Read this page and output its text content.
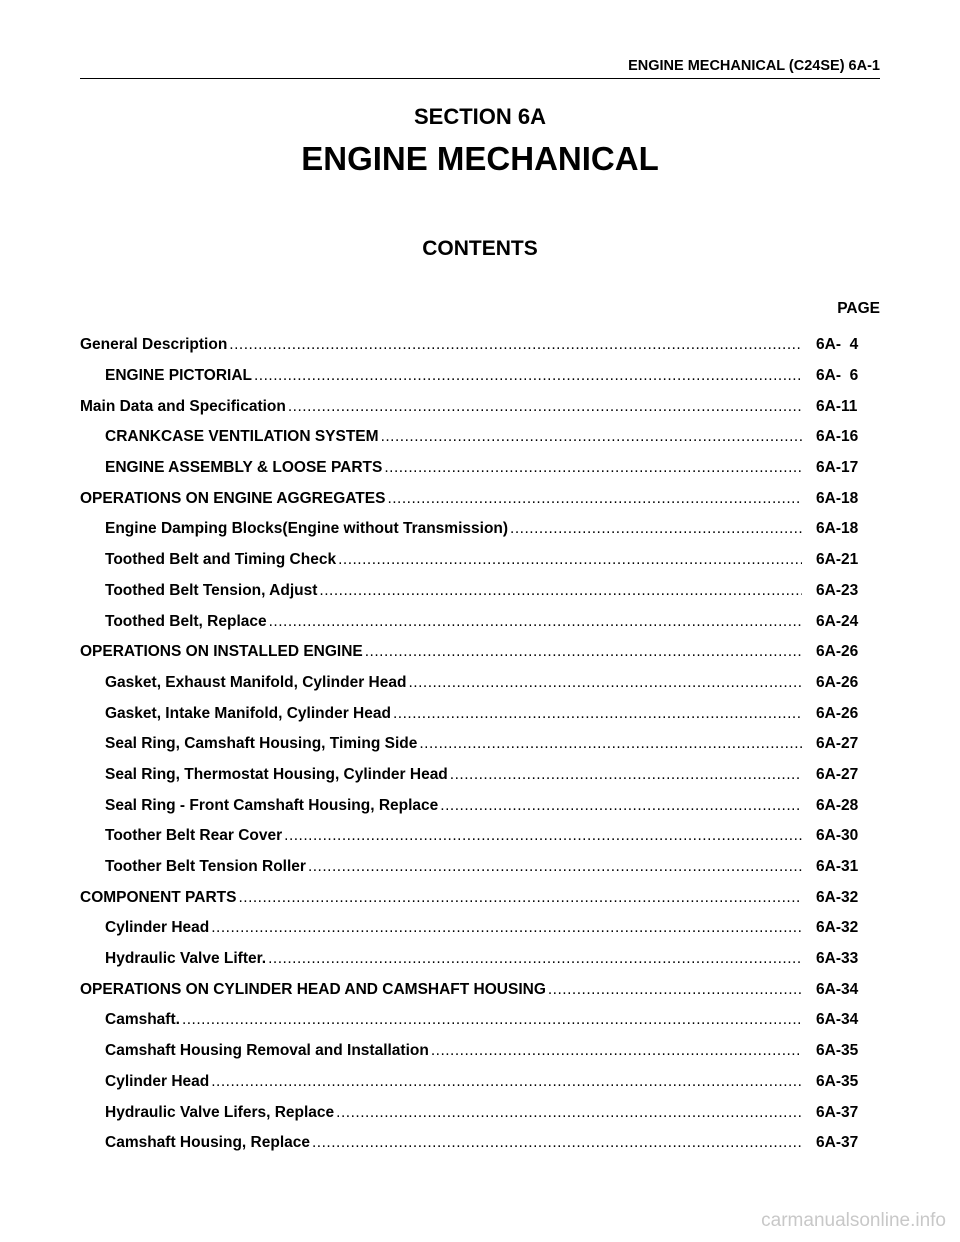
ENGINE MECHANICAL (C24SE) 6A-1
SECTION 6A
ENGINE MECHANICAL
CONTENTS
PAGE
General Description .....	6A-  4
ENGINE PICTORIAL .....	6A-  6
Main Data and Specification .....	6A-11
CRANKCASE VENTILATION SYSTEM .....	6A-16
ENGINE ASSEMBLY & LOOSE PARTS .....	6A-17
OPERATIONS ON ENGINE AGGREGATES .....	6A-18
Engine Damping Blocks(Engine without Transmission) .....	6A-18
Toothed Belt and Timing Check .....	6A-21
Toothed Belt Tension, Adjust .....	6A-23
Toothed Belt, Replace .....	6A-24
OPERATIONS ON INSTALLED ENGINE .....	6A-26
Gasket, Exhaust Manifold, Cylinder Head .....	6A-26
Gasket, Intake Manifold, Cylinder Head .....	6A-26
Seal Ring, Camshaft Housing, Timing Side .....	6A-27
Seal Ring, Thermostat Housing, Cylinder Head .....	6A-27
Seal Ring - Front Camshaft Housing, Replace .....	6A-28
Toother Belt Rear Cover .....	6A-30
Toother Belt Tension Roller .....	6A-31
COMPONENT PARTS .....	6A-32
Cylinder Head .....	6A-32
Hydraulic Valve Lifter. .....	6A-33
OPERATIONS ON CYLINDER HEAD AND CAMSHAFT HOUSING .....	6A-34
Camshaft. .....	6A-34
Camshaft Housing Removal and Installation .....	6A-35
Cylinder Head .....	6A-35
Hydraulic Valve Lifers, Replace .....	6A-37
Camshaft Housing, Replace .....	6A-37
carmanualsonline.info
